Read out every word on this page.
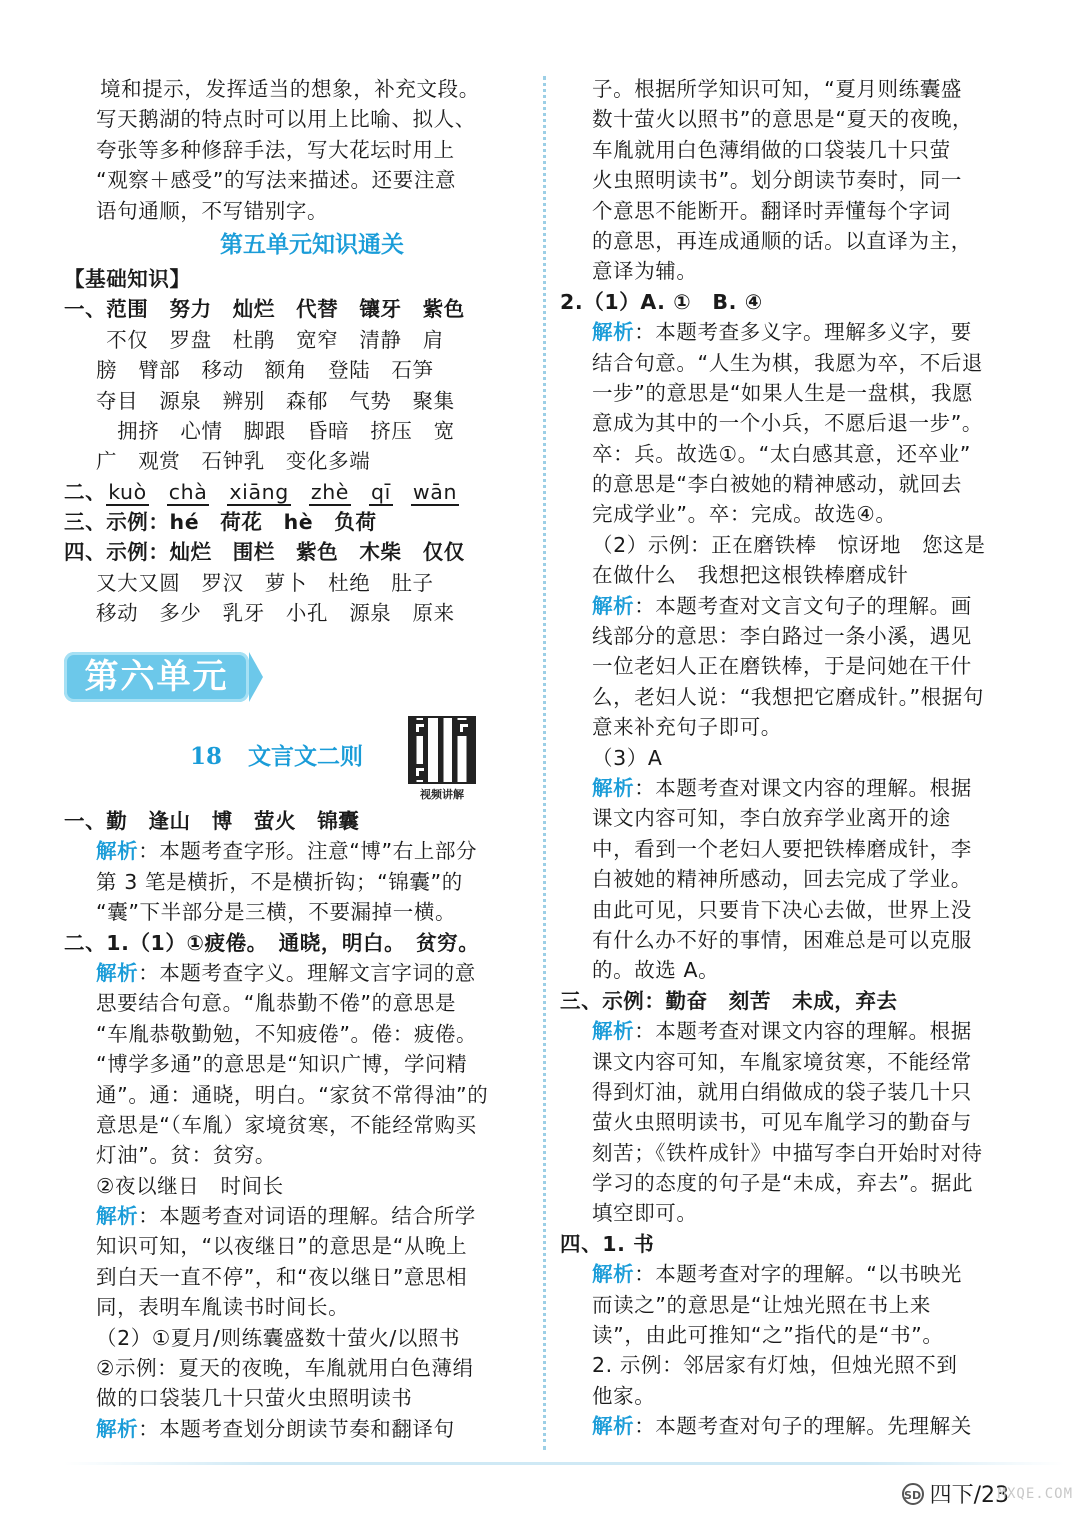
境和提示，发挥适当的想象，补充文段。
写天鹅湖的特点时可以用上比喻、拟人、
夸张等多种修辞手法，写大花坛时用上
“观察＋感受”的写法来描述。还要注意
语句通顺，不写错别字。
第五单元知识通关
【基础知识】
一、范围　努力　灿烂　代替　镶牙　紫色
　　不仅　罗盘　杜鹃　宽窄　清静　肩
膀　臂部　移动　额角　登陆　石笋
夺目　源泉　辨别　森郁　气势　聚集
　拥挤　心情　脚跟　昏暗　挤压　宽
广　观赏　石钟乳　变化多端
二、kuò chà xiāng zhè qī wān
三、示例：hé　荷花　hè　负荷
四、示例：灿烂　围栏　紫色　木柴　仅仅
又大又圆　罗汉　萝卜　杜绝　肚子
移动　多少　乳牙　小孔　源泉　原来
第六单元
18 文言文二则
视频讲解
一、勤　逢山　博　萤火　锦囊
解析：本题考查字形。注意“博”右上部分
第 3 笔是横折，不是横折钩；“锦囊”的
“囊”下半部分是三横，不要漏掉一横。
二、1.（1）①疲倦。　通晓，明白。　贫穷。
解析：本题考查字义。理解文言字词的意
思要结合句意。“胤恭勤不倦”的意思是
“车胤恭敬勤勉，不知疲倦”。倦：疲倦。
“博学多通”的意思是“知识广博，学问精
通”。通：通晓，明白。“家贫不常得油”的
意思是“（车胤）家境贫寒，不能经常购买
灯油”。贫：贫穷。
②夜以继日　时间长
解析：本题考查对词语的理解。结合所学
知识可知，“以夜继日”的意思是“从晚上
到白天一直不停”，和“夜以继日”意思相
同，表明车胤读书时间长。
（2）①夏月/则练囊盛数十萤火/以照书
②示例：夏天的夜晚，车胤就用白色薄绢
做的口袋装几十只萤火虫照明读书
解析：本题考查划分朗读节奏和翻译句
子。根据所学知识可知，“夏月则练囊盛
数十萤火以照书”的意思是“夏天的夜晚，
车胤就用白色薄绢做的口袋装几十只萤
火虫照明读书”。划分朗读节奏时，同一
个意思不能断开。翻译时弄懂每个字词
的意思，再连成通顺的话。以直译为主，
意译为辅。
2.（1）A. ①　B. ④
解析：本题考查多义字。理解多义字，要
结合句意。“人生为棋，我愿为卒，不后退
一步”的意思是“如果人生是一盘棋，我愿
意成为其中的一个小兵，不愿后退一步”。
卒：兵。故选①。“太白感其意，还卒业”
的意思是“李白被她的精神感动，就回去
完成学业”。卒：完成。故选④。
（2）示例：正在磨铁棒　惊讶地　您这是
在做什么　我想把这根铁棒磨成针
解析：本题考查对文言文句子的理解。画
线部分的意思：李白路过一条小溪，遇见
一位老妇人正在磨铁棒，于是问她在干什
么，老妇人说：“我想把它磨成针。”根据句
意来补充句子即可。
（3）A
解析：本题考查对课文内容的理解。根据
课文内容可知，李白放弃学业离开的途
中，看到一个老妇人要把铁棒磨成针，李
白被她的精神所感动，回去完成了学业。
由此可见，只要肯下决心去做，世界上没
有什么办不好的事情，困难总是可以克服
的。故选 A。
三、示例：勤奋　刻苦　未成，弃去
解析：本题考查对课文内容的理解。根据
课文内容可知，车胤家境贫寒，不能经常
得到灯油，就用白绢做成的袋子装几十只
萤火虫照明读书，可见车胤学习的勤奋与
刻苦；《铁杵成针》中描写李白开始时对待
学习的态度的句子是“未成，弃去”。据此
填空即可。
四、1. 书
解析：本题考查对字的理解。“以书映光
而读之”的意思是“让烛光照在书上来
读”，由此可推知“之”指代的是“书”。
2. 示例：邻居家有灯烛，但烛光照不到
他家。
解析：本题考查对句子的理解。先理解关
SD 四下/23
MXQE.COM
